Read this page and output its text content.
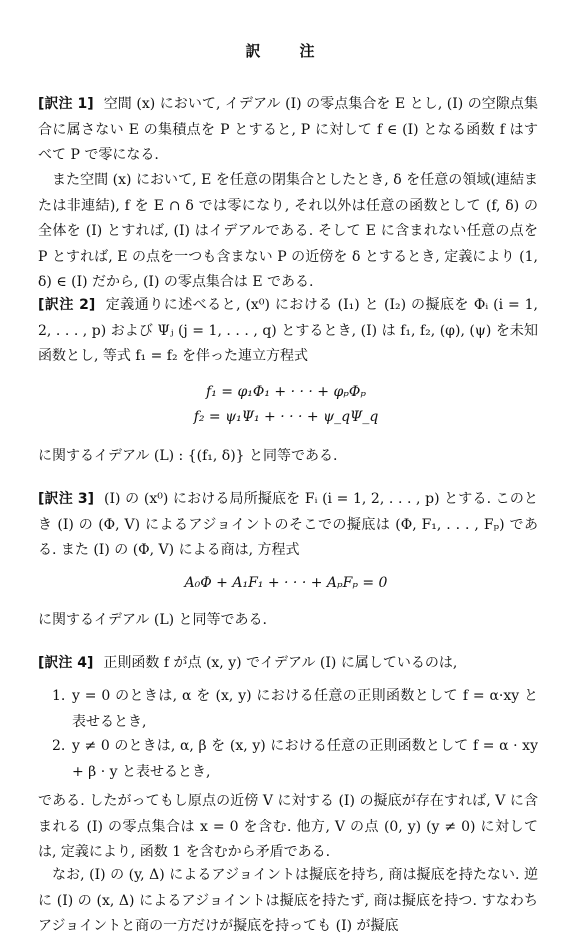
訳　注
[訳注 1] 空間 (x) において, イデアル (I) の零点集合を E とし, (I) の空隙点集合に属さない E の集積点を P とすると, P に対して f ∈ (I) となる函数 f はすべて P で零になる.
また空間 (x) において, E を任意の閉集合としたとき, δ を任意の領域(連結または非連結), f を E ∩ δ では零になり, それ以外は任意の函数として (f, δ) の全体を (I) とすれば, (I) はイデアルである. そして E に含まれない任意の点を P とすれば, E の点を一つも含まない P の近傍を δ とするとき, 定義により (1, δ) ∈ (I) だから, (I) の零点集合は E である.
[訳注 2] 定義通りに述べると, (x⁰) における (I₁) と (I₂) の擬底を Φᵢ (i = 1, 2, . . . , p) および Ψⱼ (j = 1, . . . , q) とするとき, (I) は f₁, f₂, (φ), (ψ) を未知函数とし, 等式 f₁ = f₂ を伴った連立方程式
f₁ = φ₁Φ₁ + · · · + φₚΦₚ
f₂ = ψ₁Ψ₁ + · · · + ψ_qΨ_q
に関するイデアル (L) : {(f₁, δ)} と同等である.
[訳注 3] (I) の (x⁰) における局所擬底を Fᵢ (i = 1, 2, . . . , p) とする. このとき (I) の (Φ, V) によるアジョイントのそこでの擬底は (Φ, F₁, . . . , Fₚ) である. また (I) の (Φ, V) による商は, 方程式
A₀Φ + A₁F₁ + · · · + AₚFₚ = 0
に関するイデアル (L) と同等である.
[訳注 4] 正則函数 f が点 (x, y) でイデアル (I) に属しているのは,
1. y = 0 のときは, α を (x, y) における任意の正則函数として f = α·xy と表せるとき,
2. y ≠ 0 のときは, α, β を (x, y) における任意の正則函数として f = α · xy + β · y と表せるとき,
である. したがってもし原点の近傍 V に対する (I) の擬底が存在すれば, V に含まれる (I) の零点集合は x = 0 を含む. 他方, V の点 (0, y) (y ≠ 0) に対しては, 定義により, 函数 1 を含むから矛盾である.
なお, (I) の (y, Δ) によるアジョイントは擬底を持ち, 商は擬底を持たない. 逆に (I) の (x, Δ) によるアジョイントは擬底を持たず, 商は擬底を持つ. すなわちアジョイントと商の一方だけが擬底を持っても (I) が擬底
